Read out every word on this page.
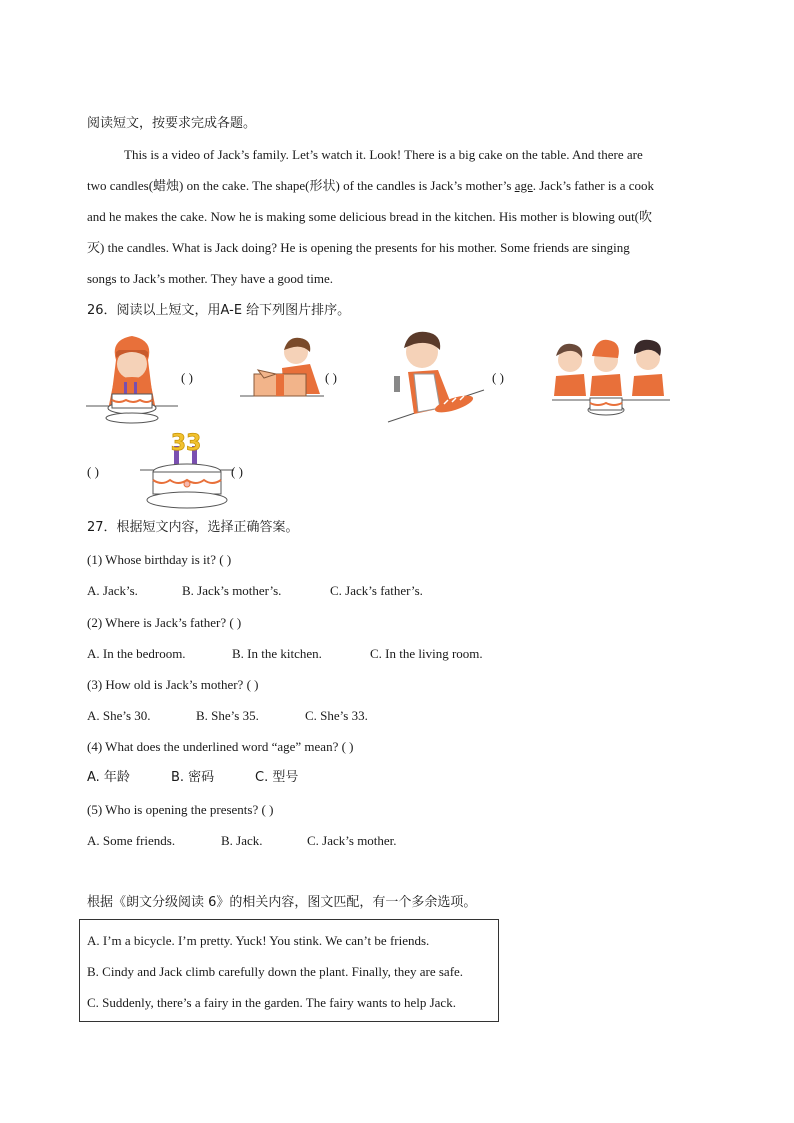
阅读短文，按要求完成各题。
This is a video of Jack’s family. Let’s watch it. Look! There is a big cake on the table. And there are
two candles(蜡烛) on the cake. The shape(形状) of the candles is Jack’s mother’s age. Jack’s father is a cook
and he makes the cake. Now he is making some delicious bread in the kitchen. His mother is blowing out(吹
灭) the candles. What is Jack doing? He is opening the presents for his mother. Some friends are singing
songs to Jack’s mother. They have a good time.
26．阅读以上短文，用A-E 给下列图片排序。
( )	( )	( )
( )
33
( )
27．根据短文内容，选择正确答案。
(1) Whose birthday is it? ( )
A. Jack’s.	B. Jack’s mother’s.	C. Jack’s father’s.
(2) Where is Jack’s father? ( )
A. In the bedroom.	B. In the kitchen.	C. In the living room.
(3) How old is Jack’s mother? ( )
A. She’s 30.	B. She’s 35.	C. She’s 33.
(4) What does the underlined word “age” mean? ( )
A. 年龄	B. 密码	C. 型号
(5) Who is opening the presents? ( )
A. Some friends.	B. Jack.	C. Jack’s mother.
根据《朗文分级阅读 6》的相关内容，图文匹配，有一个多余选项。
A. I’m a bicycle. I’m pretty. Yuck! You stink. We can’t be friends.
B. Cindy and Jack climb carefully down the plant. Finally, they are safe.
C. Suddenly, there’s a fairy in the garden. The fairy wants to help Jack.
